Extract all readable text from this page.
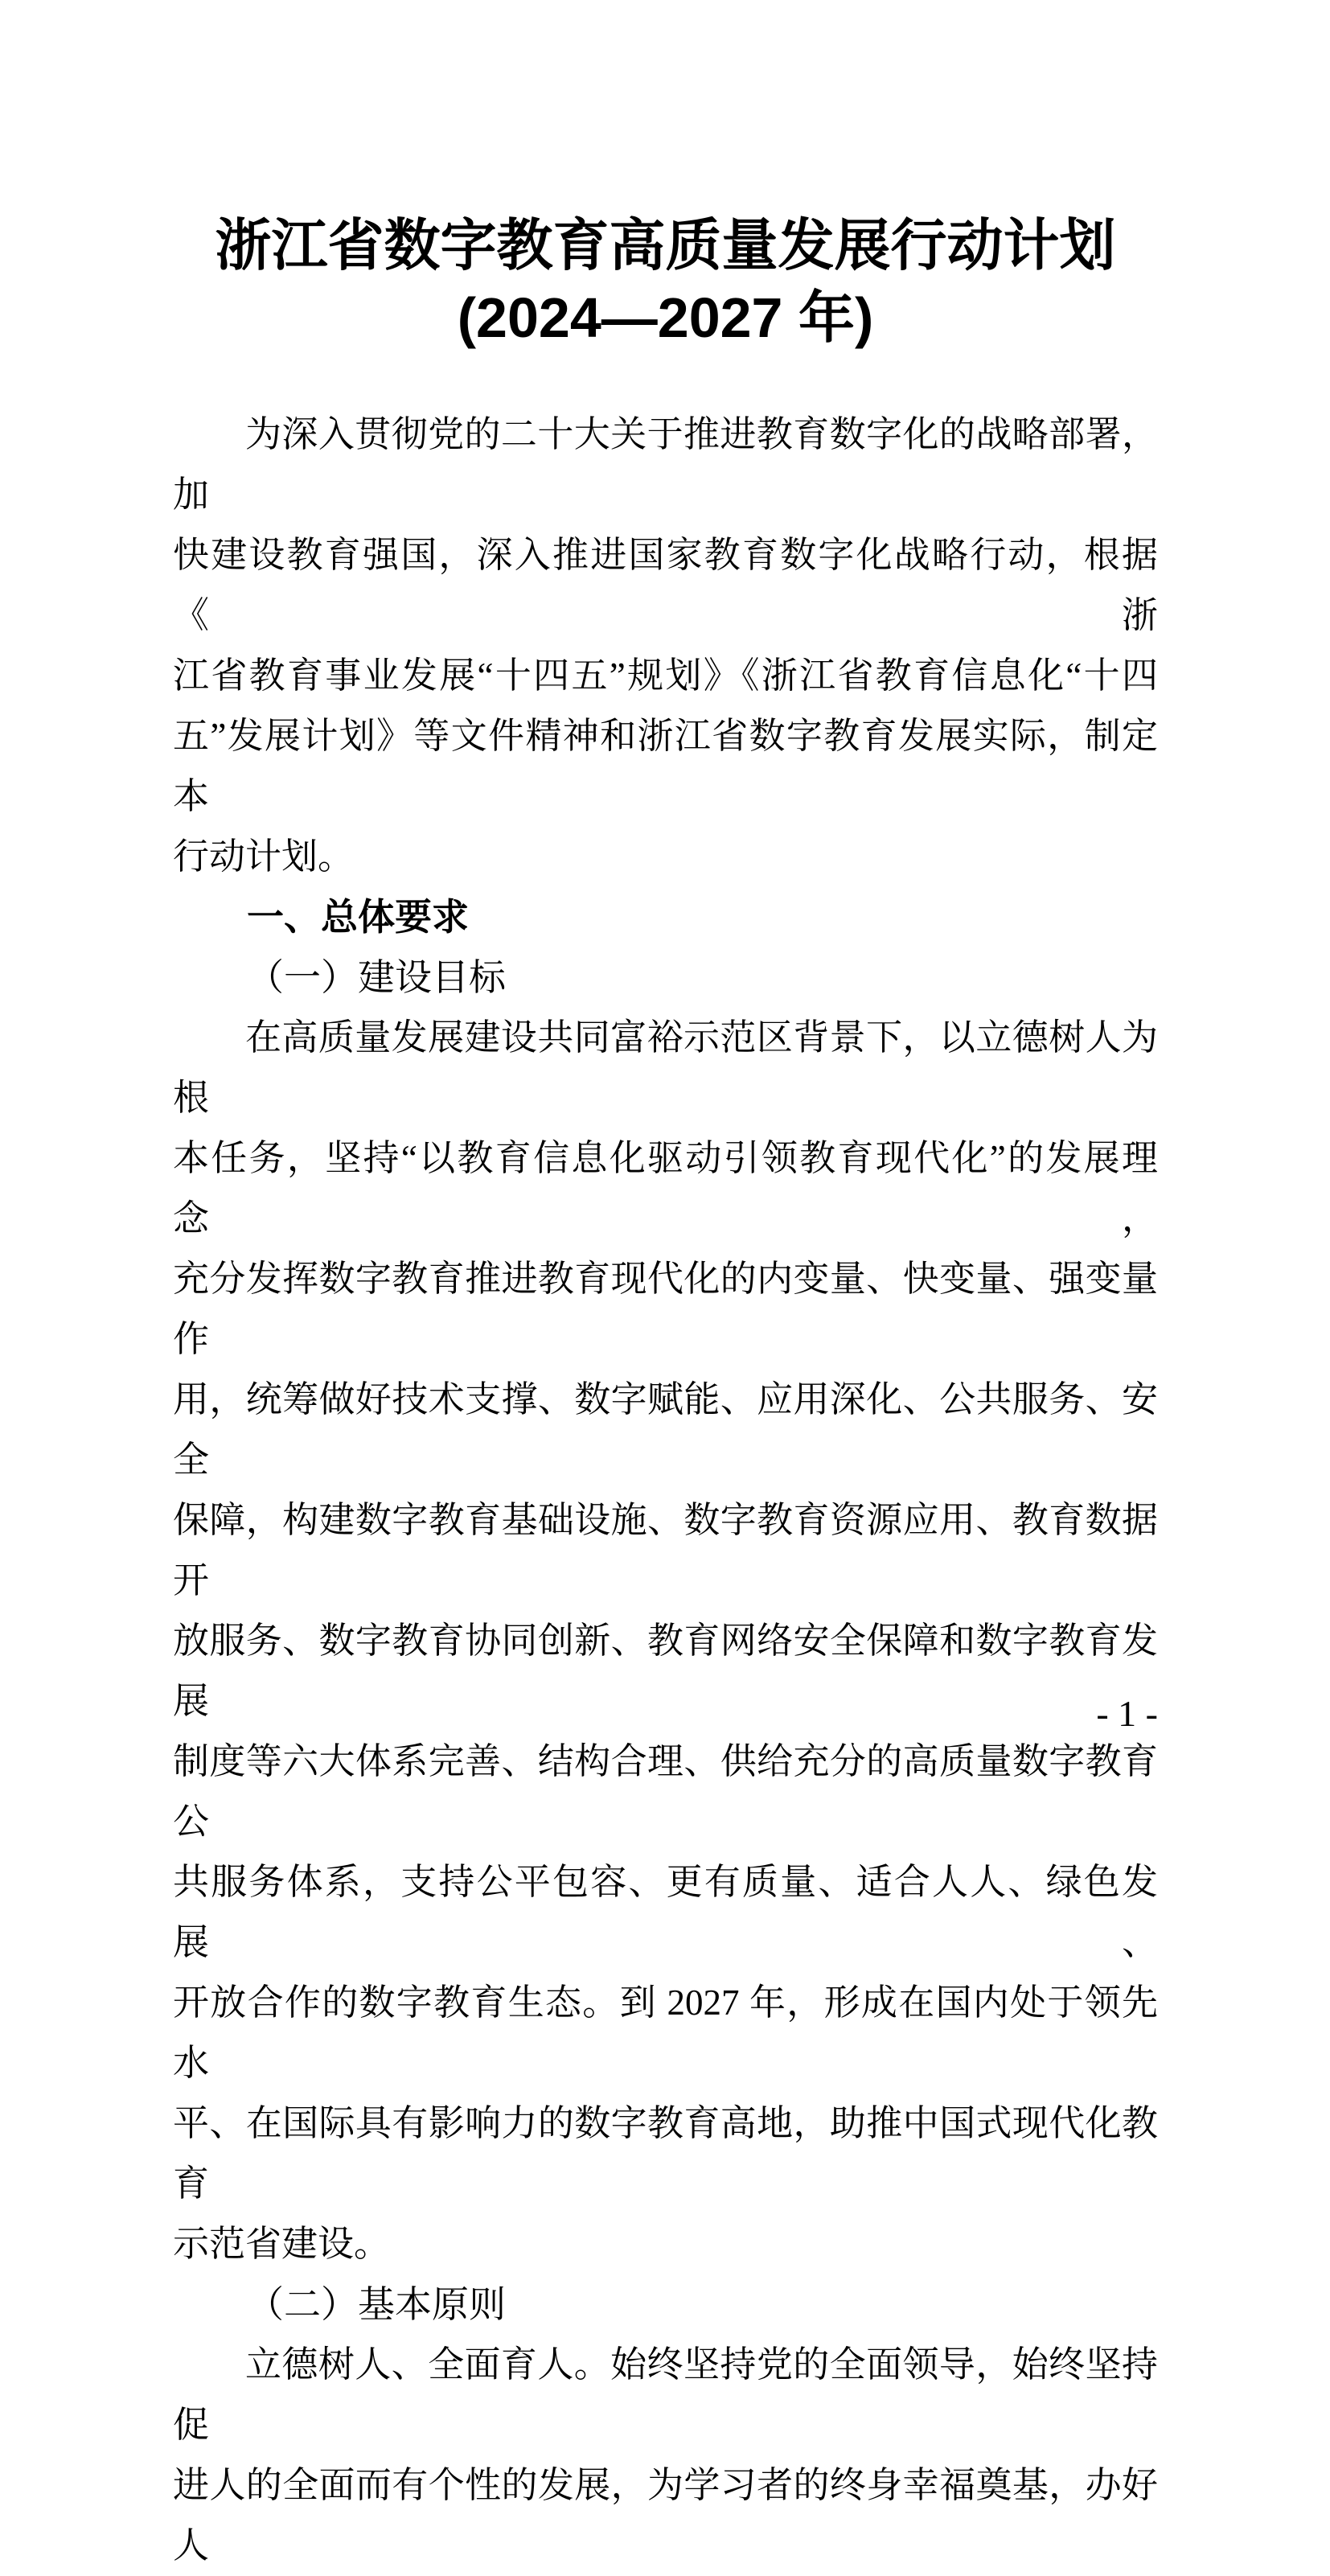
浙江省数字教育高质量发展行动计划
(2024—2027 年)
为深入贯彻党的二十大关于推进教育数字化的战略部署，加
快建设教育强国，深入推进国家教育数字化战略行动，根据《浙
江省教育事业发展“十四五”规划》《浙江省教育信息化“十四
五”发展计划》等文件精神和浙江省数字教育发展实际，制定本
行动计划。
一、总体要求
（一）建设目标
在高质量发展建设共同富裕示范区背景下，以立德树人为根
本任务，坚持“以教育信息化驱动引领教育现代化”的发展理念，
充分发挥数字教育推进教育现代化的内变量、快变量、强变量作
用，统筹做好技术支撑、数字赋能、应用深化、公共服务、安全
保障，构建数字教育基础设施、数字教育资源应用、教育数据开
放服务、数字教育协同创新、教育网络安全保障和数字教育发展
制度等六大体系完善、结构合理、供给充分的高质量数字教育公
共服务体系，支持公平包容、更有质量、适合人人、绿色发展、
开放合作的数字教育生态。到 2027 年，形成在国内处于领先水
平、在国际具有影响力的数字教育高地，助推中国式现代化教育
示范省建设。
（二）基本原则
立德树人、全面育人。始终坚持党的全面领导，始终坚持促
进人的全面而有个性的发展，为学习者的终身幸福奠基，办好人
- 1 -
